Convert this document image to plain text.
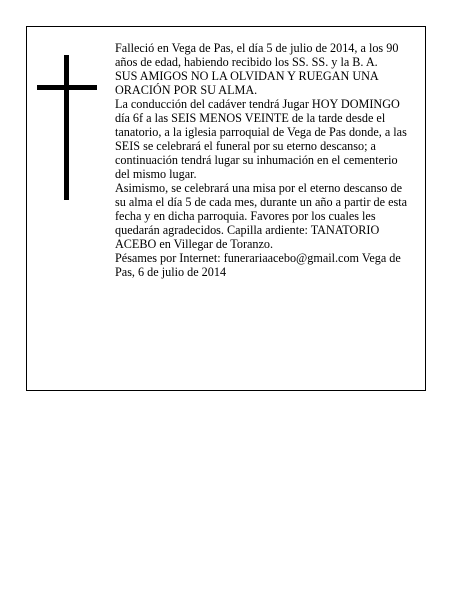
Falleció en Vega de Pas, el día 5 de julio de 2014, a los 90 años de edad, habiendo recibido los SS. SS. y la B. A.

SUS AMIGOS NO LA OLVIDAN Y RUEGAN UNA ORACIÓN POR SU ALMA.

La conducción del cadáver tendrá Jugar HOY DOMINGO día 6f a las SEIS MENOS VEINTE de la tarde desde el tanatorio, a la iglesia parroquial de Vega de Pas donde, a las SEIS se celebrará el funeral por su eterno descanso; a continuación tendrá lugar su inhumación en el cementerio del mismo lugar.

Asimismo, se celebrará una misa por el eterno descanso de su alma el día 5 de cada mes, durante un año a partir de esta fecha y en dicha parroquia. Favores por los cuales les quedarán agradecidos. Capilla ardiente: TANATORIO ACEBO en Villegar de Toranzo.

Pésames por Internet: funerariaacebo@gmail.com Vega de Pas, 6 de julio de 2014
